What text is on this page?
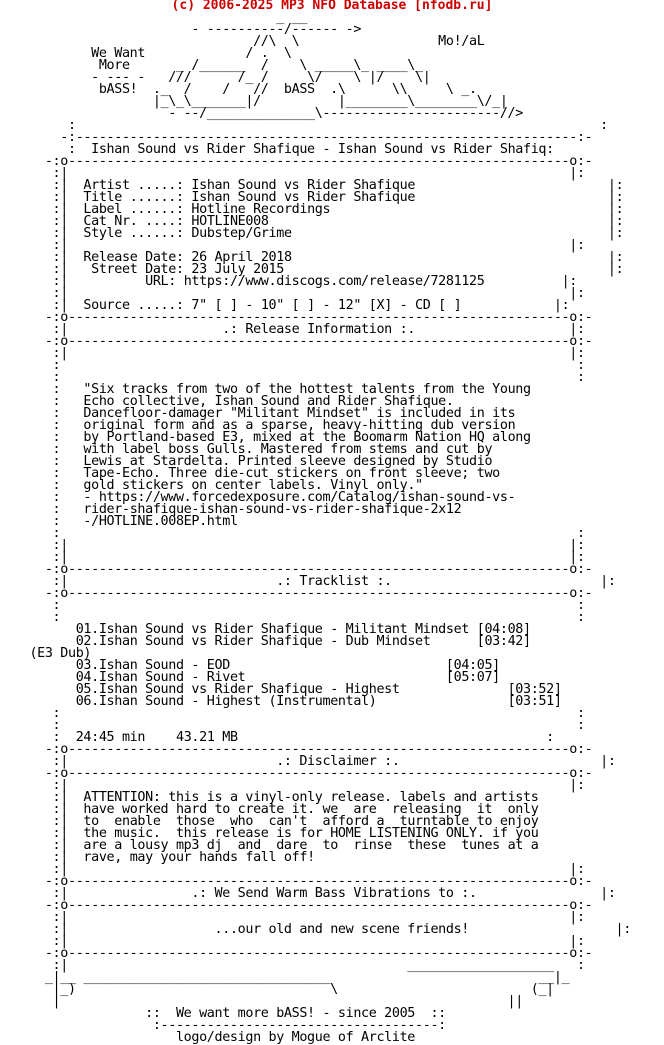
(c) 2006-2025 MP3 NFO Database [nfodb.ru]
_ __
- ----------/------ ->
//\  \                  Mo!/aL
We Want             / .  \
More      _ /______  /    \ _____\_ ____\_
- --- -   ///      /_ /     \/    \ |/    \|
bASS!  ._  /    /   //  bASS  .\      \\     \ _.
|_\_\_______|/          |________\________\/_|
- --/______________\-----------------------//>
:                                                                    :
-:-----------------------------------------------------------------:-
:  Ishan Sound vs Rider Shafique - Ishan Sound vs Rider Shafiq:
-:o-----------------------------------------------------------------o:-
:|                                                                 |:
:|  Artist .....: Ishan Sound vs Rider Shafique	|:
:|  Title ......: Ishan Sound vs Rider Shafique	|:
:|  Label ......: Hotline Recordings	|:
:|  Cat Nr. ....: HOTLINE008	|:
:|  Style ......: Dubstep/Grime	|:
:|                                                                 |:
:|  Release Date: 26 April 2018	|:
:|   Street Date: 23 July 2015	|:
:|          URL: https://www.discogs.com/release/7281125	|:
:|                                                                 |:
:|  Source .....: 7" [ ] - 10" [ ] - 12" [X] - CD [ ]	|:
-:o-----------------------------------------------------------------o:-
:|	.: Release Information :.	|:
-:o-----------------------------------------------------------------o:-
:|                                                                 |:
:                                                                   :
:                                                                   :
:   "Six tracks from two of the hottest talents from the Young
:   Echo collective, Ishan Sound and Rider Shafique.
:   Dancefloor-damager "Militant Mindset" is included in its
:   original form and as a sparse, heavy-hitting dub version
:   by Portland-based E3, mixed at the Boomarm Nation HQ along
:   with label boss Gulls. Mastered from stems and cut by
:   Lewis at Stardelta. Printed sleeve designed by Studio
:   Tape-Echo. Three die-cut stickers on front sleeve; two
:   gold stickers on center labels. Vinyl only."
:   - https://www.forcedexposure.com/Catalog/ishan-sound-vs-
:   rider-shafique-ishan-sound-vs-rider-shafique-2x12
:   -/HOTLINE.008EP.html
:                                                                   :
:|                                                                 |:
:|                                                                 |:
-:o-----------------------------------------------------------------o:-
:|	.: Tracklist :.	|:
-:o-----------------------------------------------------------------o:-
:                                                                   :
:                                                                   :
01.Ishan Sound vs Rider Shafique - Militant Mindset [04:08]
02.Ishan Sound vs Rider Shafique - Dub Mindset	[03:42]
(E3 Dub)
03.Ishan Sound - EOD	[04:05]
04.Ishan Sound - Rivet	[05:07]
05.Ishan Sound vs Rider Shafique - Highest	[03:52]
06.Ishan Sound - Highest (Instrumental)	[03:51]
:                                                                   :
:                                                                   :
:  24:45 min 43.21 MB	:
-:o-----------------------------------------------------------------o:-
:|	.: Disclaimer :.	|:
-:o-----------------------------------------------------------------o:-
:|                                                                 |:
:|  ATTENTION: this is a vinyl-only release. labels and artists
:|  have worked hard to create it. we  are  releasing  it  only
:|  to  enable  those  who  can't  afford a  turntable to enjoy
:|  the music.  this release is for HOME LISTENING ONLY. if you
:|  are a lousy mp3 dj  and  dare  to  rinse  these  tunes at a
:|  rave, may your hands fall off!
:|                                                                 |:
-:o-----------------------------------------------------------------o:-
:|	.: We Send Warm Bass Vibrations to :.	|:
-:o-----------------------------------------------------------------o:-
:|                                                                 |:
:|	...our old and new scene friends!	|:
:|                                                                 |:
-:o-----------------------------------------------------------------o:-
:|                                            ___________________   :
_|__ ________________________________                           __|_
|_)                                 \                         (_|
|                                                          ||
::  We want more bASS! - since 2005  ::
:------------------------------------:
logo/design by Mogue of Arclite
